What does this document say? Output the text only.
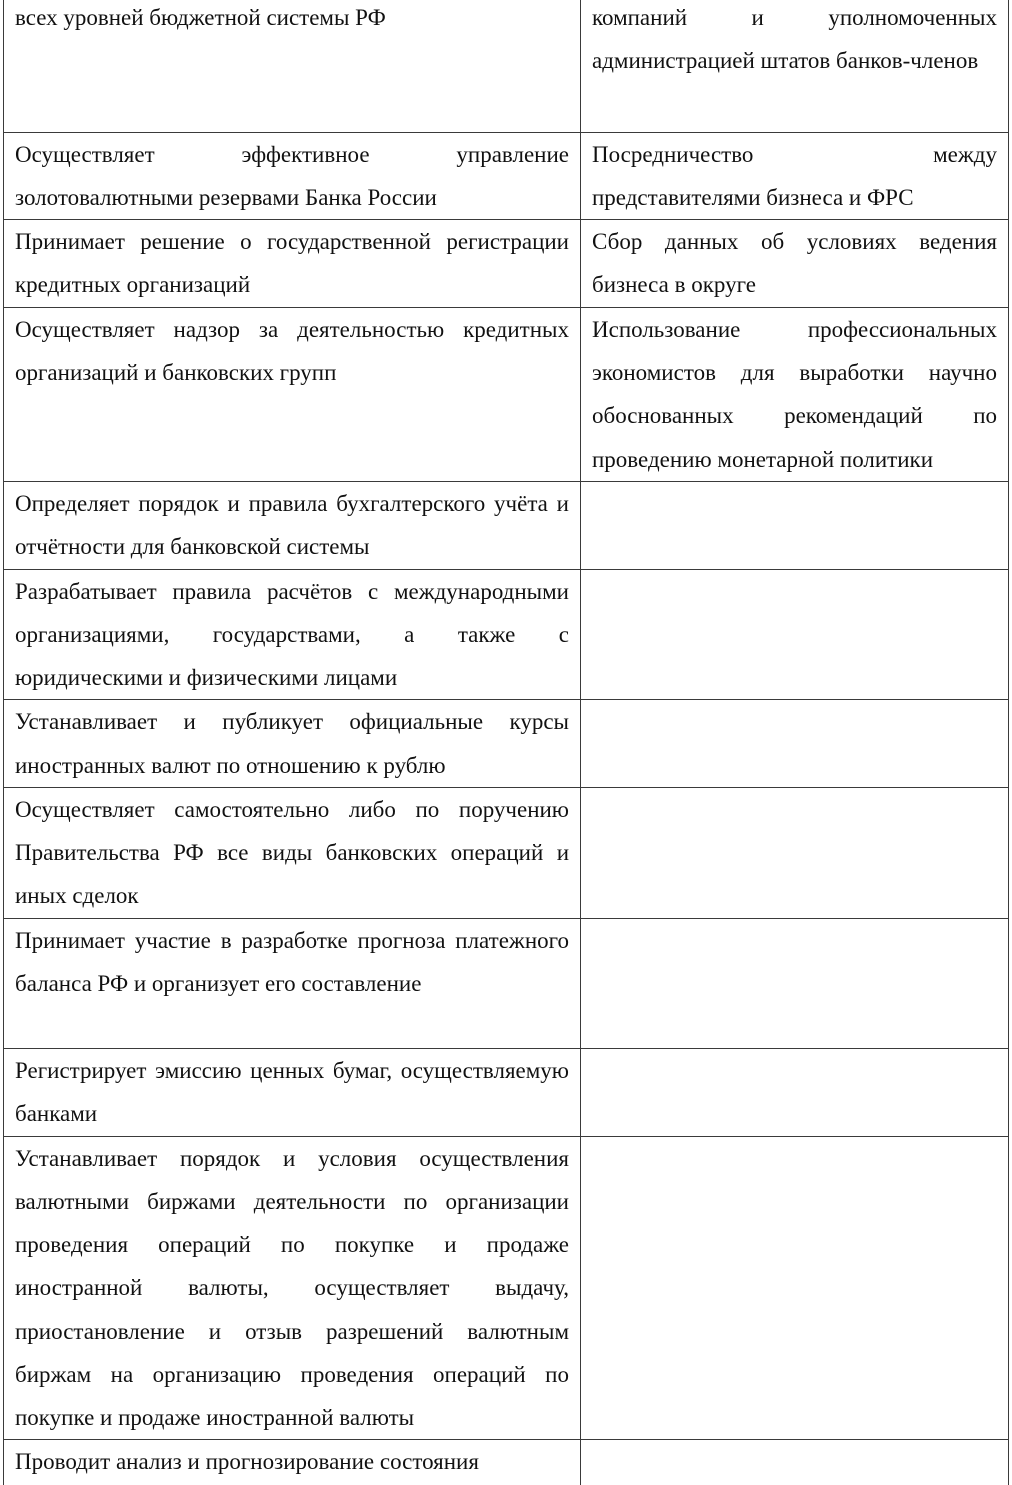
всех уровней бюджетной системы РФ	компаний и уполномоченных администрацией штатов банков-членов

Осуществляет эффективное управление золотовалютными резервами Банка России	Посредничество между представителями бизнеса и ФРС

Принимает решение о государственной регистрации кредитных организаций	Сбор данных об условиях ведения бизнеса в округе

Осуществляет надзор за деятельностью кредитных организаций и банковских групп	Использование профессиональных экономистов для выработки научно обоснованных рекомендаций по проведению монетарной политики

Определяет порядок и правила бухгалтерского учёта и отчётности для банковской системы	

Разрабатывает правила расчётов с международными организациями, государствами, а также с юридическими и физическими лицами	

Устанавливает и публикует официальные курсы иностранных валют по отношению к рублю	

Осуществляет самостоятельно либо по поручению Правительства РФ все виды банковских операций и иных сделок	

Принимает участие в разработке прогноза платежного баланса РФ и организует его составление	

Регистрирует эмиссию ценных бумаг, осуществляемую банками	

Устанавливает порядок и условия осуществления валютными биржами деятельности по организации проведения операций по покупке и продаже иностранной валюты, осуществляет выдачу, приостановление и отзыв разрешений валютным биржам на организацию проведения операций по покупке и продаже иностранной валюты	

Проводит анализ и прогнозирование состояния	
